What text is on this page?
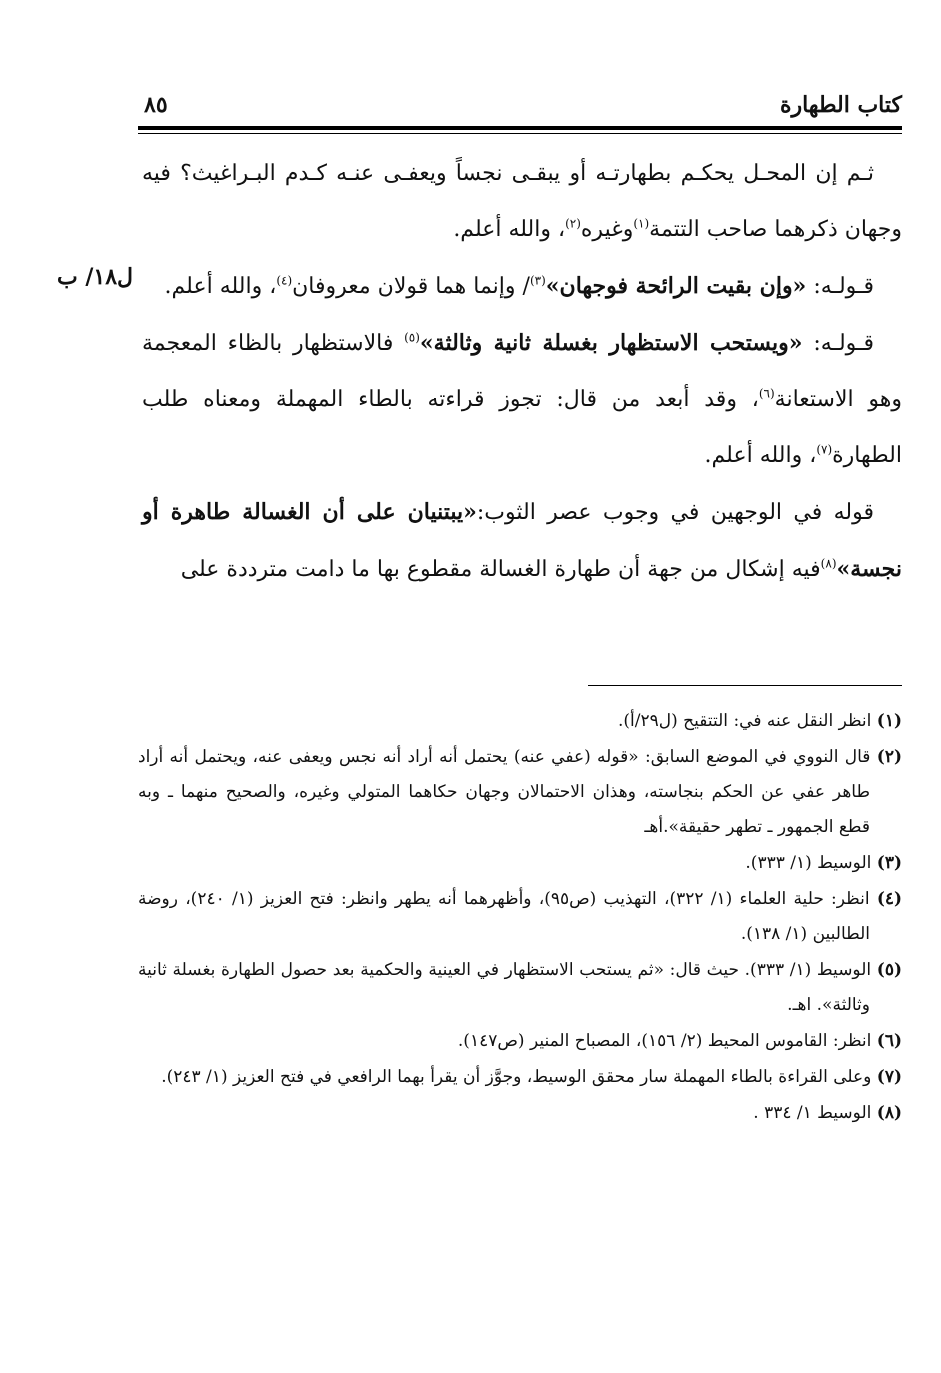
كتاب الطهارة
٨٥
ل١٨/ ب

ثـم إن المحـل يحكـم بطهارتـه أو يبقـى نجساً ويعفـى عنـه كـدم البـراغيث؟ فيه وجهان ذكرهما صاحب التتمة$^{(١)}$وغيره$^{(٢)}$، والله أعلم.

قـولـه: «وإن بقيت الرائحة فوجهان»$^{(٣)}$/ وإنما هما قولان معروفان$^{(٤)}$، والله أعلم.

قـولـه: «ويستحب الاستظهار بغسلة ثانية وثالثة»$^{(٥)}$ فالاستظهار بالظاء المعجمة وهو الاستعانة$^{(٦)}$، وقد أبعد من قال: تجوز قراءته بالطاء المهملة ومعناه طلب الطهارة$^{(٧)}$، والله أعلم.

قوله في الوجهين في وجوب عصر الثوب:«يبتنيان على أن الغسالة طاهرة أو نجسة»$^{(٨)}$فيه إشكال من جهة أن طهارة الغسالة مقطوع بها ما دامت مترددة على

(١) انظر النقل عنه في: التتقيح (ل٢٩/أ).

(٢) قال النووي في الموضع السابق: «قوله (عفي عنه) يحتمل أنه أراد أنه نجس ويعفى عنه، ويحتمل أنه أراد طاهر عفي عن الحكم بنجاسته، وهذان الاحتمالان وجهان حكاهما المتولي وغيره، والصحيح منهما ـ وبه قطع الجمهور ـ تطهر حقيقة».أهـ

(٣) الوسيط (١/ ٣٣٣).

(٤) انظر: حلية العلماء (١/ ٣٢٢)، التهذيب (ص٩٥)، وأظهرهما أنه يطهر وانظر: فتح العزيز (١/ ٢٤٠)، روضة الطالبين (١/ ١٣٨).

(٥) الوسيط (١/ ٣٣٣). حيث قال: «ثم يستحب الاستظهار في العينية والحكمية بعد حصول الطهارة بغسلة ثانية وثالثة». اهـ.

(٦) انظر: القاموس المحيط (٢/ ١٥٦)، المصباح المنير (ص١٤٧).

(٧) وعلى القراءة بالطاء المهملة سار محقق الوسيط، وجوَّز أن يقرأ بهما الرافعي في فتح العزيز (١/ ٢٤٣).

(٨) الوسيط ١/ ٣٣٤ .
